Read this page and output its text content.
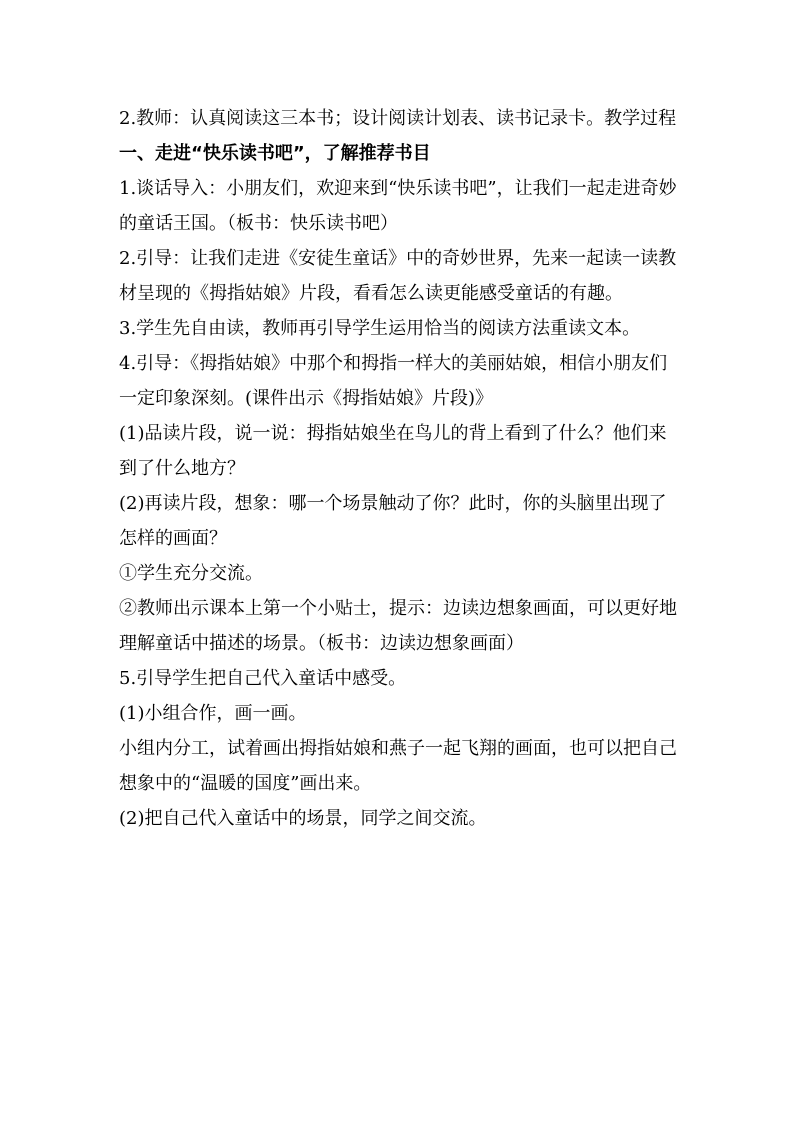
2.教师：认真阅读这三本书；设计阅读计划表、读书记录卡。教学过程

一、走进“快乐读书吧”，了解推荐书目

1.谈话导入：小朋友们，欢迎来到“快乐读书吧”，让我们一起走进奇妙的童话王国。（板书：快乐读书吧）

2.引导：让我们走进《安徒生童话》中的奇妙世界，先来一起读一读教材呈现的《拇指姑娘》片段，看看怎么读更能感受童话的有趣。

3.学生先自由读，教师再引导学生运用恰当的阅读方法重读文本。

4.引导：《拇指姑娘》中那个和拇指一样大的美丽姑娘，相信小朋友们一定印象深刻。(课件出示《拇指姑娘》片段)》

(1)品读片段，说一说：拇指姑娘坐在鸟儿的背上看到了什么？他们来到了什么地方？

(2)再读片段，想象：哪一个场景触动了你？此时，你的头脑里出现了怎样的画面？

①学生充分交流。

②教师出示课本上第一个小贴士，提示：边读边想象画面，可以更好地理解童话中描述的场景。（板书：边读边想象画面）

5.引导学生把自己代入童话中感受。

(1)小组合作，画一画。

小组内分工，试着画出拇指姑娘和燕子一起飞翔的画面，也可以把自己想象中的“温暖的国度”画出来。

(2)把自己代入童话中的场景，同学之间交流。
